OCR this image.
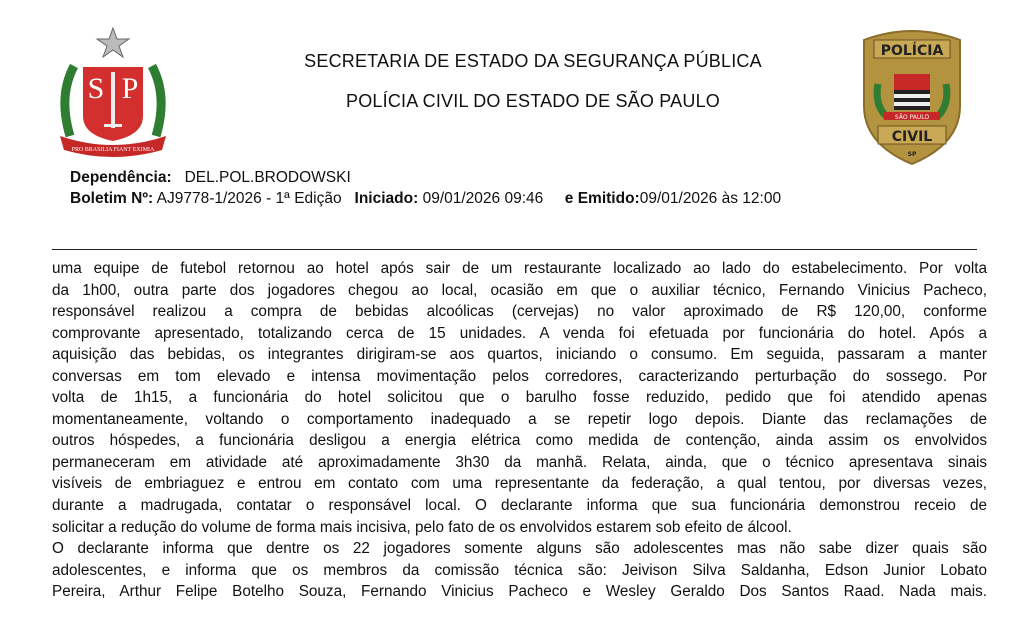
S P
PRO BRASILIA FIANT EXIMIA
SECRETARIA DE ESTADO DA SEGURANÇA PÚBLICA
POLÍCIA CIVIL DO ESTADO DE SÃO PAULO
POLÍCIA
SÃO PAULO
CIVIL
SP
Dependência: DEL.POL.BRODOWSKI
Boletim Nº: AJ9778-1/2026 - 1ª Edição Iniciado: 09/01/2026 09:46 e Emitido:09/01/2026 às 12:00
uma equipe de futebol retornou ao hotel após sair de um restaurante localizado ao lado do estabelecimento. Por volta
da 1h00, outra parte dos jogadores chegou ao local, ocasião em que o auxiliar técnico, Fernando Vinicius Pacheco,
responsável realizou a compra de bebidas alcoólicas (cervejas) no valor aproximado de R$ 120,00, conforme
comprovante apresentado, totalizando cerca de 15 unidades. A venda foi efetuada por funcionária do hotel. Após a
aquisição das bebidas, os integrantes dirigiram-se aos quartos, iniciando o consumo. Em seguida, passaram a manter
conversas em tom elevado e intensa movimentação pelos corredores, caracterizando perturbação do sossego. Por
volta de 1h15, a funcionária do hotel solicitou que o barulho fosse reduzido, pedido que foi atendido apenas
momentaneamente, voltando o comportamento inadequado a se repetir logo depois. Diante das reclamações de
outros hóspedes, a funcionária desligou a energia elétrica como medida de contenção, ainda assim os envolvidos
permaneceram em atividade até aproximadamente 3h30 da manhã. Relata, ainda, que o técnico apresentava sinais
visíveis de embriaguez e entrou em contato com uma representante da federação, a qual tentou, por diversas vezes,
durante a madrugada, contatar o responsável local. O declarante informa que sua funcionária demonstrou receio de
solicitar a redução do volume de forma mais incisiva, pelo fato de os envolvidos estarem sob efeito de álcool.
O declarante informa que dentre os 22 jogadores somente alguns são adolescentes mas não sabe dizer quais são
adolescentes, e informa que os membros da comissão técnica são: Jeivison Silva Saldanha, Edson Junior Lobato
Pereira, Arthur Felipe Botelho Souza, Fernando Vinicius Pacheco e Wesley Geraldo Dos Santos Raad. Nada mais.
